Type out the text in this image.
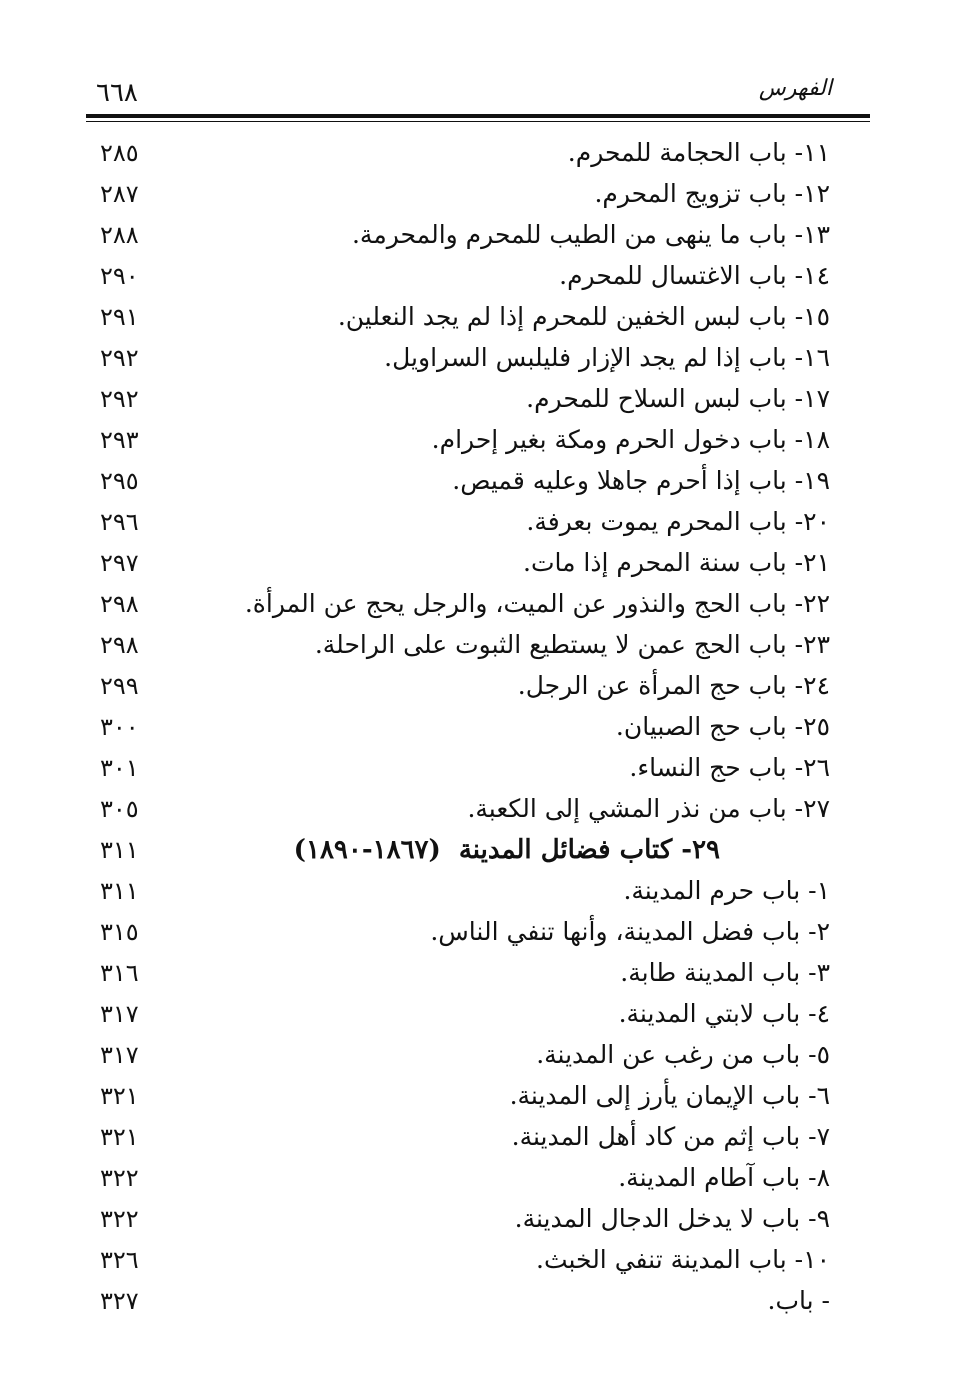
الفهرس
٦٦٨
١١- باب الحجامة للمحرم.
٢٨٥
١٢- باب تزويج المحرم.
٢٨٧
١٣- باب ما ينهى من الطيب للمحرم والمحرمة.
٢٨٨
١٤- باب الاغتسال للمحرم.
٢٩٠
١٥- باب لبس الخفين للمحرم إذا لم يجد النعلين.
٢٩١
١٦- باب إذا لم يجد الإزار فليلبس السراويل.
٢٩٢
١٧- باب لبس السلاح للمحرم.
٢٩٢
١٨- باب دخول الحرم ومكة بغير إحرام.
٢٩٣
١٩- باب إذا أحرم جاهلا وعليه قميص.
٢٩٥
٢٠- باب المحرم يموت بعرفة.
٢٩٦
٢١- باب سنة المحرم إذا مات.
٢٩٧
٢٢- باب الحج والنذور عن الميت، والرجل يحج عن المرأة.
٢٩٨
٢٣- باب الحج عمن لا يستطيع الثبوت على الراحلة.
٢٩٨
٢٤- باب حج المرأة عن الرجل.
٢٩٩
٢٥- باب حج الصبيان.
٣٠٠
٢٦- باب حج النساء.
٣٠١
٢٧- باب من نذر المشي إلى الكعبة.
٣٠٥
٢٩- كتاب فضائل المدينة(١٨٦٧-١٨٩٠)
٣١١
١- باب حرم المدينة.
٣١١
٢- باب فضل المدينة، وأنها تنفي الناس.
٣١٥
٣- باب المدينة طابة.
٣١٦
٤- باب لابتي المدينة.
٣١٧
٥- باب من رغب عن المدينة.
٣١٧
٦- باب الإيمان يأرز إلى المدينة.
٣٢١
٧- باب إثم من كاد أهل المدينة.
٣٢١
٨- باب آطام المدينة.
٣٢٢
٩- باب لا يدخل الدجال المدينة.
٣٢٢
١٠- باب المدينة تنفي الخبث.
٣٢٦
- باب.
٣٢٧
